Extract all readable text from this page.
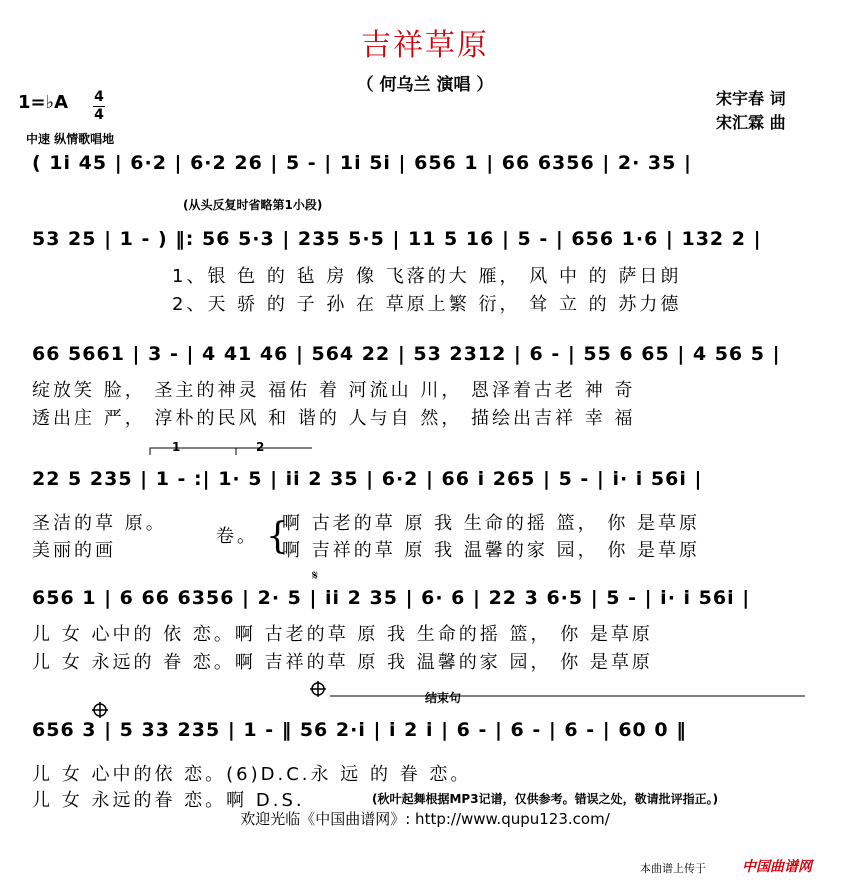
吉祥草原
（ 何乌兰 演唱 ）
宋宇春 词
宋汇霖 曲
1=♭A 4
4
中速 纵情歌唱地
( 1i 45 | 6·2 | 6·2 26 | 5 - | 1i 5i | 656 1 | 66 6356 | 2· 35 |
(从头反复时省略第1小段)
53 25 | 1 - ) ‖: 56 5·3 | 235 5·5 | 11 5 16 | 5 - | 656 1·6 | 132 2 |
1、银 色 的 毡 房 像 飞落的大 雁， 风 中 的 萨日朗
2、天 骄 的 子 孙 在 草原上繁 衍， 耸 立 的 苏力德
66 5661 | 3 - | 4 41 46 | 564 22 | 53 2312 | 6 - | 55 6 65 | 4 56 5 |
绽放笑 脸， 圣主的神灵 福佑 着 河流山 川， 恩泽着古老 神 奇
透出庄 严， 淳朴的民风 和 谐的 人与自 然， 描绘出吉祥 幸 福
1	2
22 5 235 | 1 - :| 1· 5 | ii 2 35 | 6·2 | 66 i 265 | 5 - | i· i 56i |
圣洁的草 原。
美丽的画
卷。
啊 古老的草 原 我 生命的摇 篮， 你 是草原
啊 吉祥的草 原 我 温馨的家 园， 你 是草原
656 1 | 6 66 6356 | 2· 5 | ii 2 35 | 6· 6 | 22 3 6·5 | 5 - | i· i 56i |
儿 女 心中的 依 恋。啊 古老的草 原 我 生命的摇 篮， 你 是草原
儿 女 永远的 眷 恋。啊 吉祥的草 原 我 温馨的家 园， 你 是草原
结束句
656 3 | 5 33 235 | 1 - ‖ 56 2·i | i 2 i | 6 - | 6 - | 6 - | 60 0 ‖
儿 女 心中的依 恋。(6)D.C.永 远 的 眷 恋。
儿 女 永远的眷 恋。啊 D.S.	(秋叶起舞根据MP3记谱，仅供参考。错误之处，敬请批评指正。)
欢迎光临《中国曲谱网》: http://www.qupu123.com/
本曲谱上传于	中国曲谱网
𝄋
{
